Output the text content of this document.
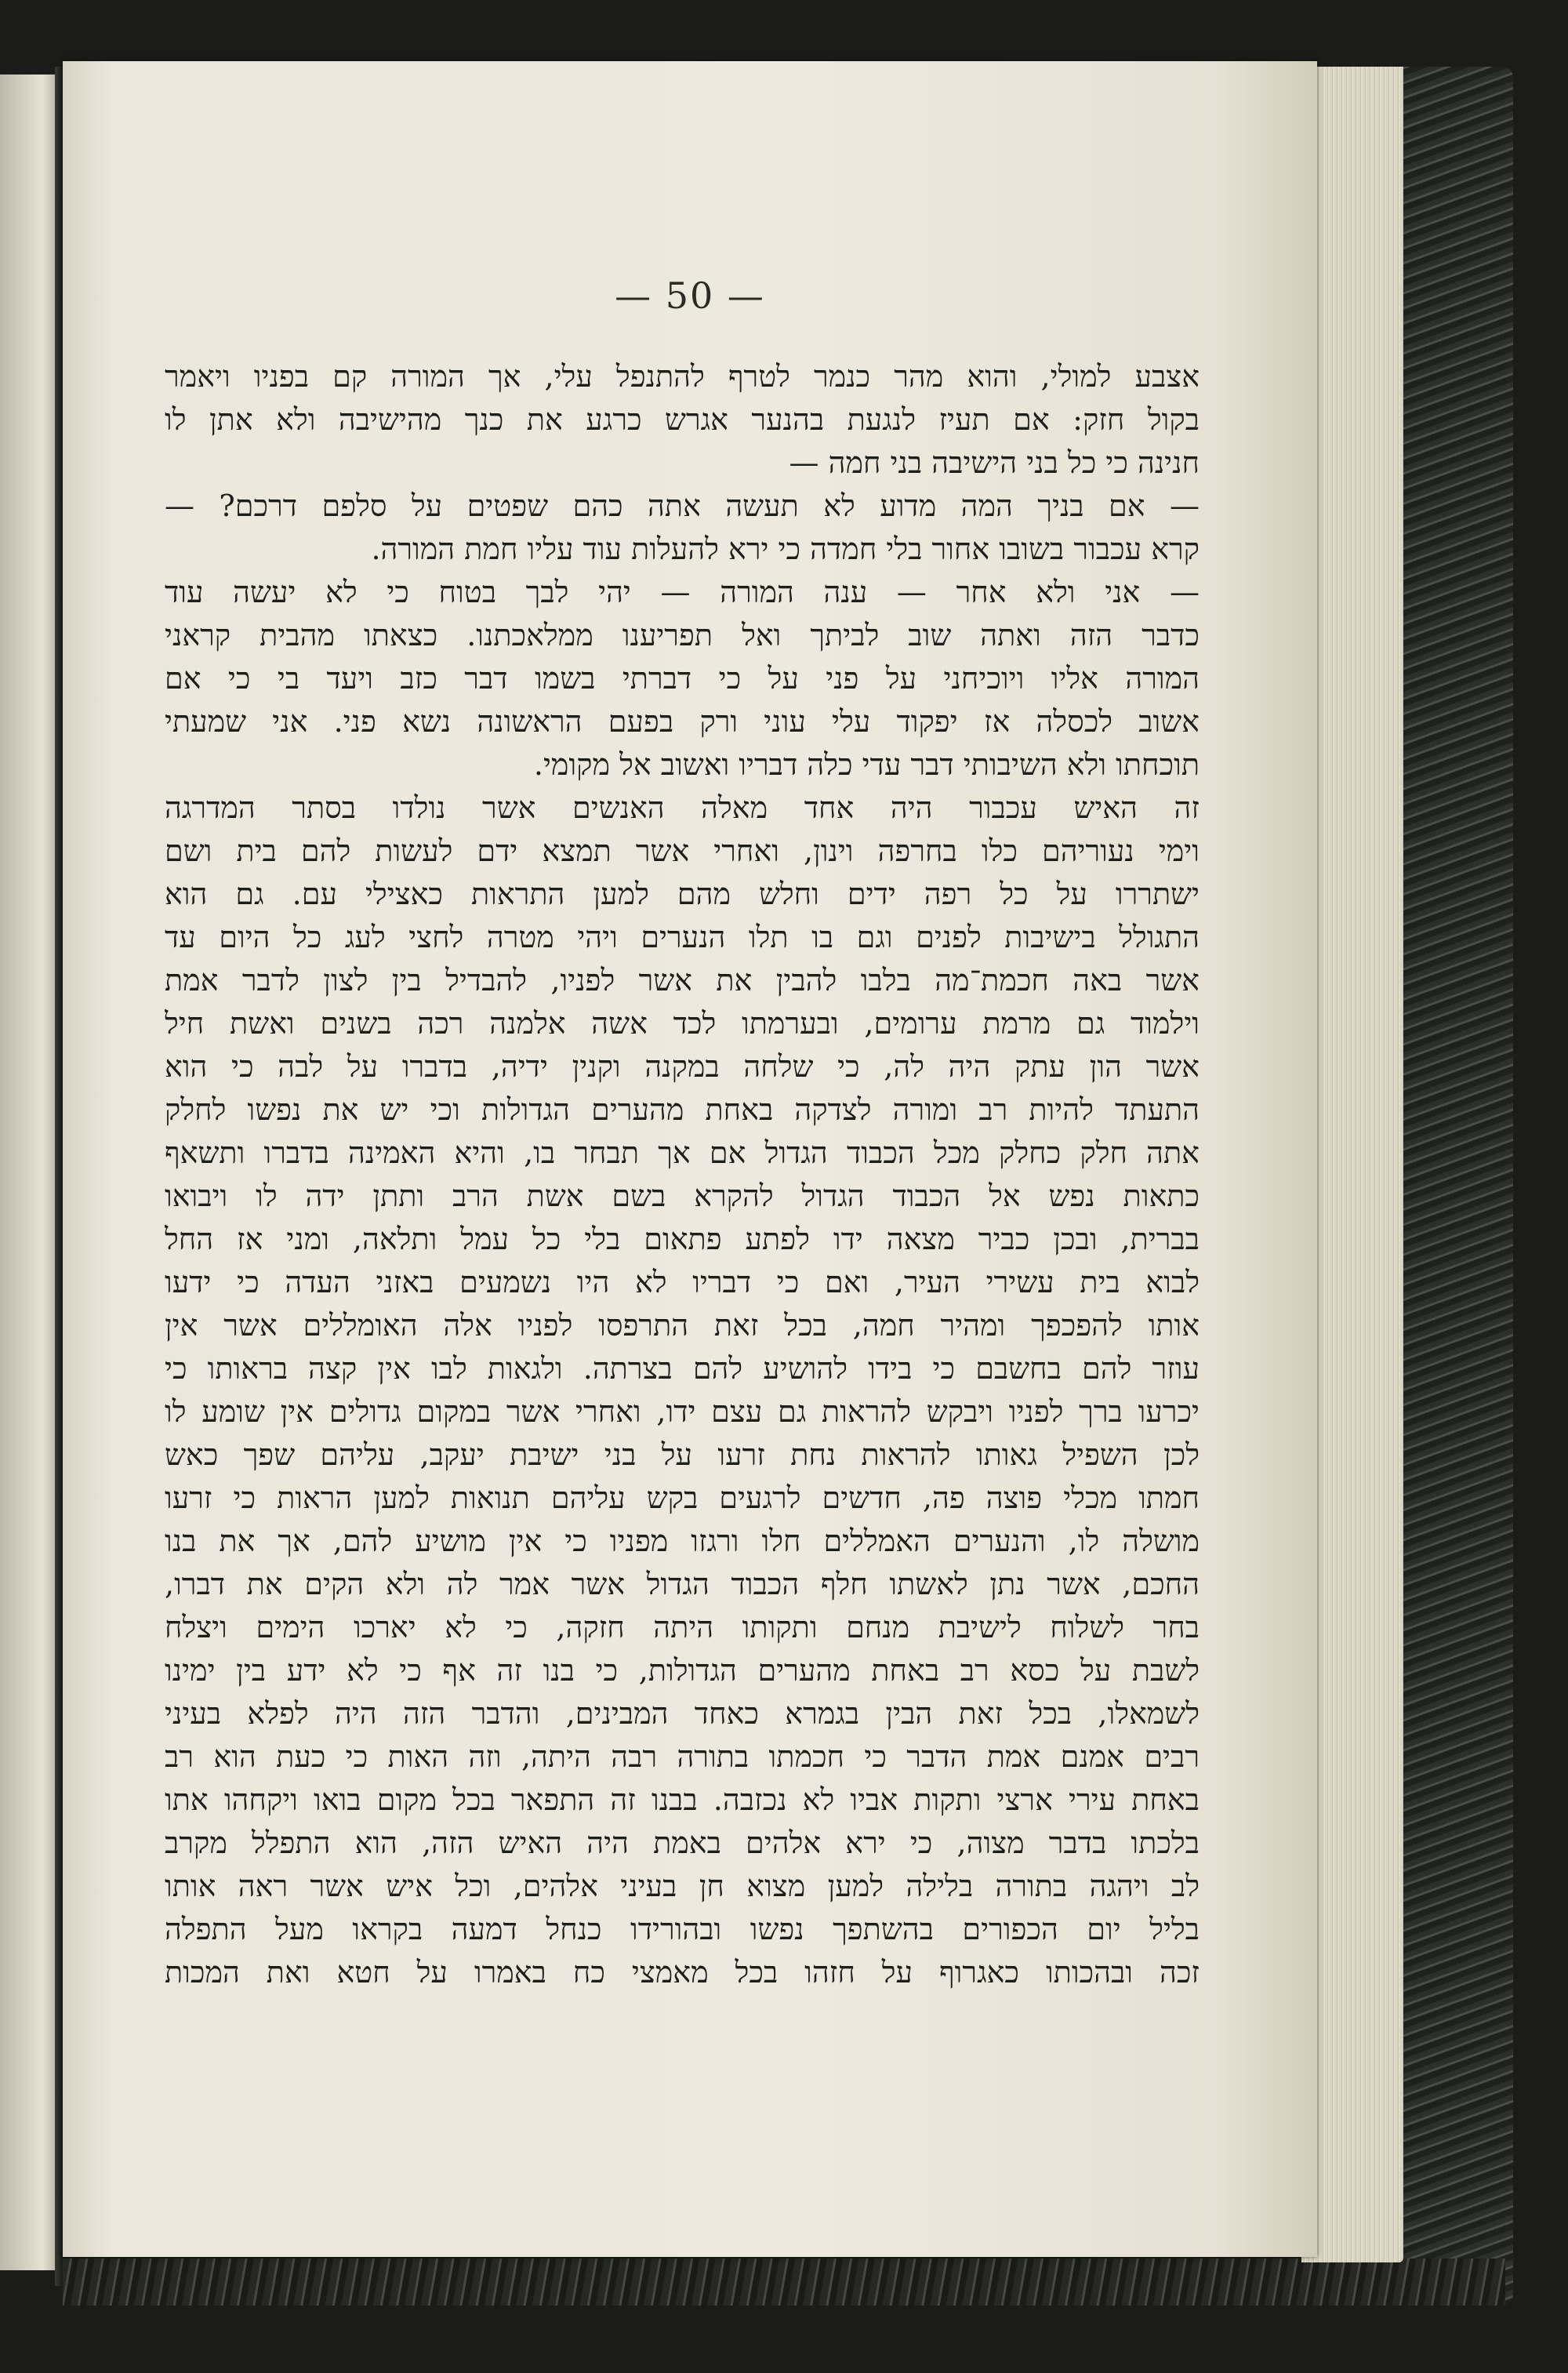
— 50 —
אצבע למולי, והוא מהר כנמר לטרף להתנפל עלי, אך המורה קם בפניו ויאמר
בקול חזק: אם תעיז לנגעת בהנער אגרש כרגע את כנך מהישיבה ולא אתן לו
חנינה כי כל בני הישיבה בני חמה —
— אם בניך המה מדוע לא תעשה אתה כהם שפטים על סלפם דרכם? —
קרא עכבור בשובו אחור בלי חמדה כי ירא להעלות עוד עליו חמת המורה.
— אני ולא אחר — ענה המורה — יהי לבך בטוח כי לא יעשה עוד
כדבר הזה ואתה שוב לביתך ואל תפריענו ממלאכתנו. כצאתו מהבית קראני
המורה אליו ויוכיחני על פני על כי דברתי בשמו דבר כזב ויעד בי כי אם
אשוב לכסלה אז יפקוד עלי עוני ורק בפעם הראשונה נשא פני. אני שמעתי
תוכחתו ולא השיבותי דבר עדי כלה דבריו ואשוב אל מקומי.
זה האיש עכבור היה אחד מאלה האנשים אשר נולדו בסתר המדרגה
וימי נעוריהם כלו בחרפה וינון, ואחרי אשר תמצא ידם לעשות להם בית ושם
ישתררו על כל רפה ידים וחלש מהם למען התראות כאצילי עם. גם הוא
התגולל בישיבות לפנים וגם בו תלו הנערים ויהי מטרה לחצי לעג כל היום עד
אשר באה חכמת־מה בלבו להבין את אשר לפניו, להבדיל בין לצון לדבר אמת
וילמוד גם מרמת ערומים, ובערמתו לכד אשה אלמנה רכה בשנים ואשת חיל
אשר הון עתק היה לה, כי שלחה במקנה וקנין ידיה, בדברו על לבה כי הוא
התעתד להיות רב ומורה לצדקה באחת מהערים הגדולות וכי יש את נפשו לחלק
אתה חלק כחלק מכל הכבוד הגדול אם אך תבחר בו, והיא האמינה בדברו ותשאף
כתאות נפש אל הכבוד הגדול להקרא בשם אשת הרב ותתן ידה לו ויבואו
בברית, ובכן כביר מצאה ידו לפתע פתאום בלי כל עמל ותלאה, ומני אז החל
לבוא בית עשירי העיר, ואם כי דבריו לא היו נשמעים באזני העדה כי ידעו
אותו להפכפך ומהיר חמה, בכל זאת התרפסו לפניו אלה האומללים אשר אין
עוזר להם בחשבם כי בידו להושיע להם בצרתה. ולגאות לבו אין קצה בראותו כי
יכרעו ברך לפניו ויבקש להראות גם עצם ידו, ואחרי אשר במקום גדולים אין שומע לו
לכן השפיל גאותו להראות נחת זרעו על בני ישיבת יעקב, עליהם שפך כאש
חמתו מכלי פוצה פה, חדשים לרגעים בקש עליהם תנואות למען הראות כי זרעו
מושלה לו, והנערים האמללים חלו ורגזו מפניו כי אין מושיע להם, אך את בנו
החכם, אשר נתן לאשתו חלף הכבוד הגדול אשר אמר לה ולא הקים את דברו,
בחר לשלוח לישיבת מנחם ותקותו היתה חזקה, כי לא יארכו הימים ויצלח
לשבת על כסא רב באחת מהערים הגדולות, כי בנו זה אף כי לא ידע בין ימינו
לשמאלו, בכל זאת הבין בגמרא כאחד המבינים, והדבר הזה היה לפלא בעיני
רבים אמנם אמת הדבר כי חכמתו בתורה רבה היתה, וזה האות כי כעת הוא רב
באחת עירי ארצי ותקות אביו לא נכזבה. בבנו זה התפאר בכל מקום בואו ויקחהו אתו
בלכתו בדבר מצוה, כי ירא אלהים באמת היה האיש הזה, הוא התפלל מקרב
לב ויהגה בתורה בלילה למען מצוא חן בעיני אלהים, וכל איש אשר ראה אותו
בליל יום הכפורים בהשתפך נפשו ובהורידו כנחל דמעה בקראו מעל התפלה
זכה ובהכותו כאגרוף על חזהו בכל מאמצי כח באמרו על חטא ואת המכות
